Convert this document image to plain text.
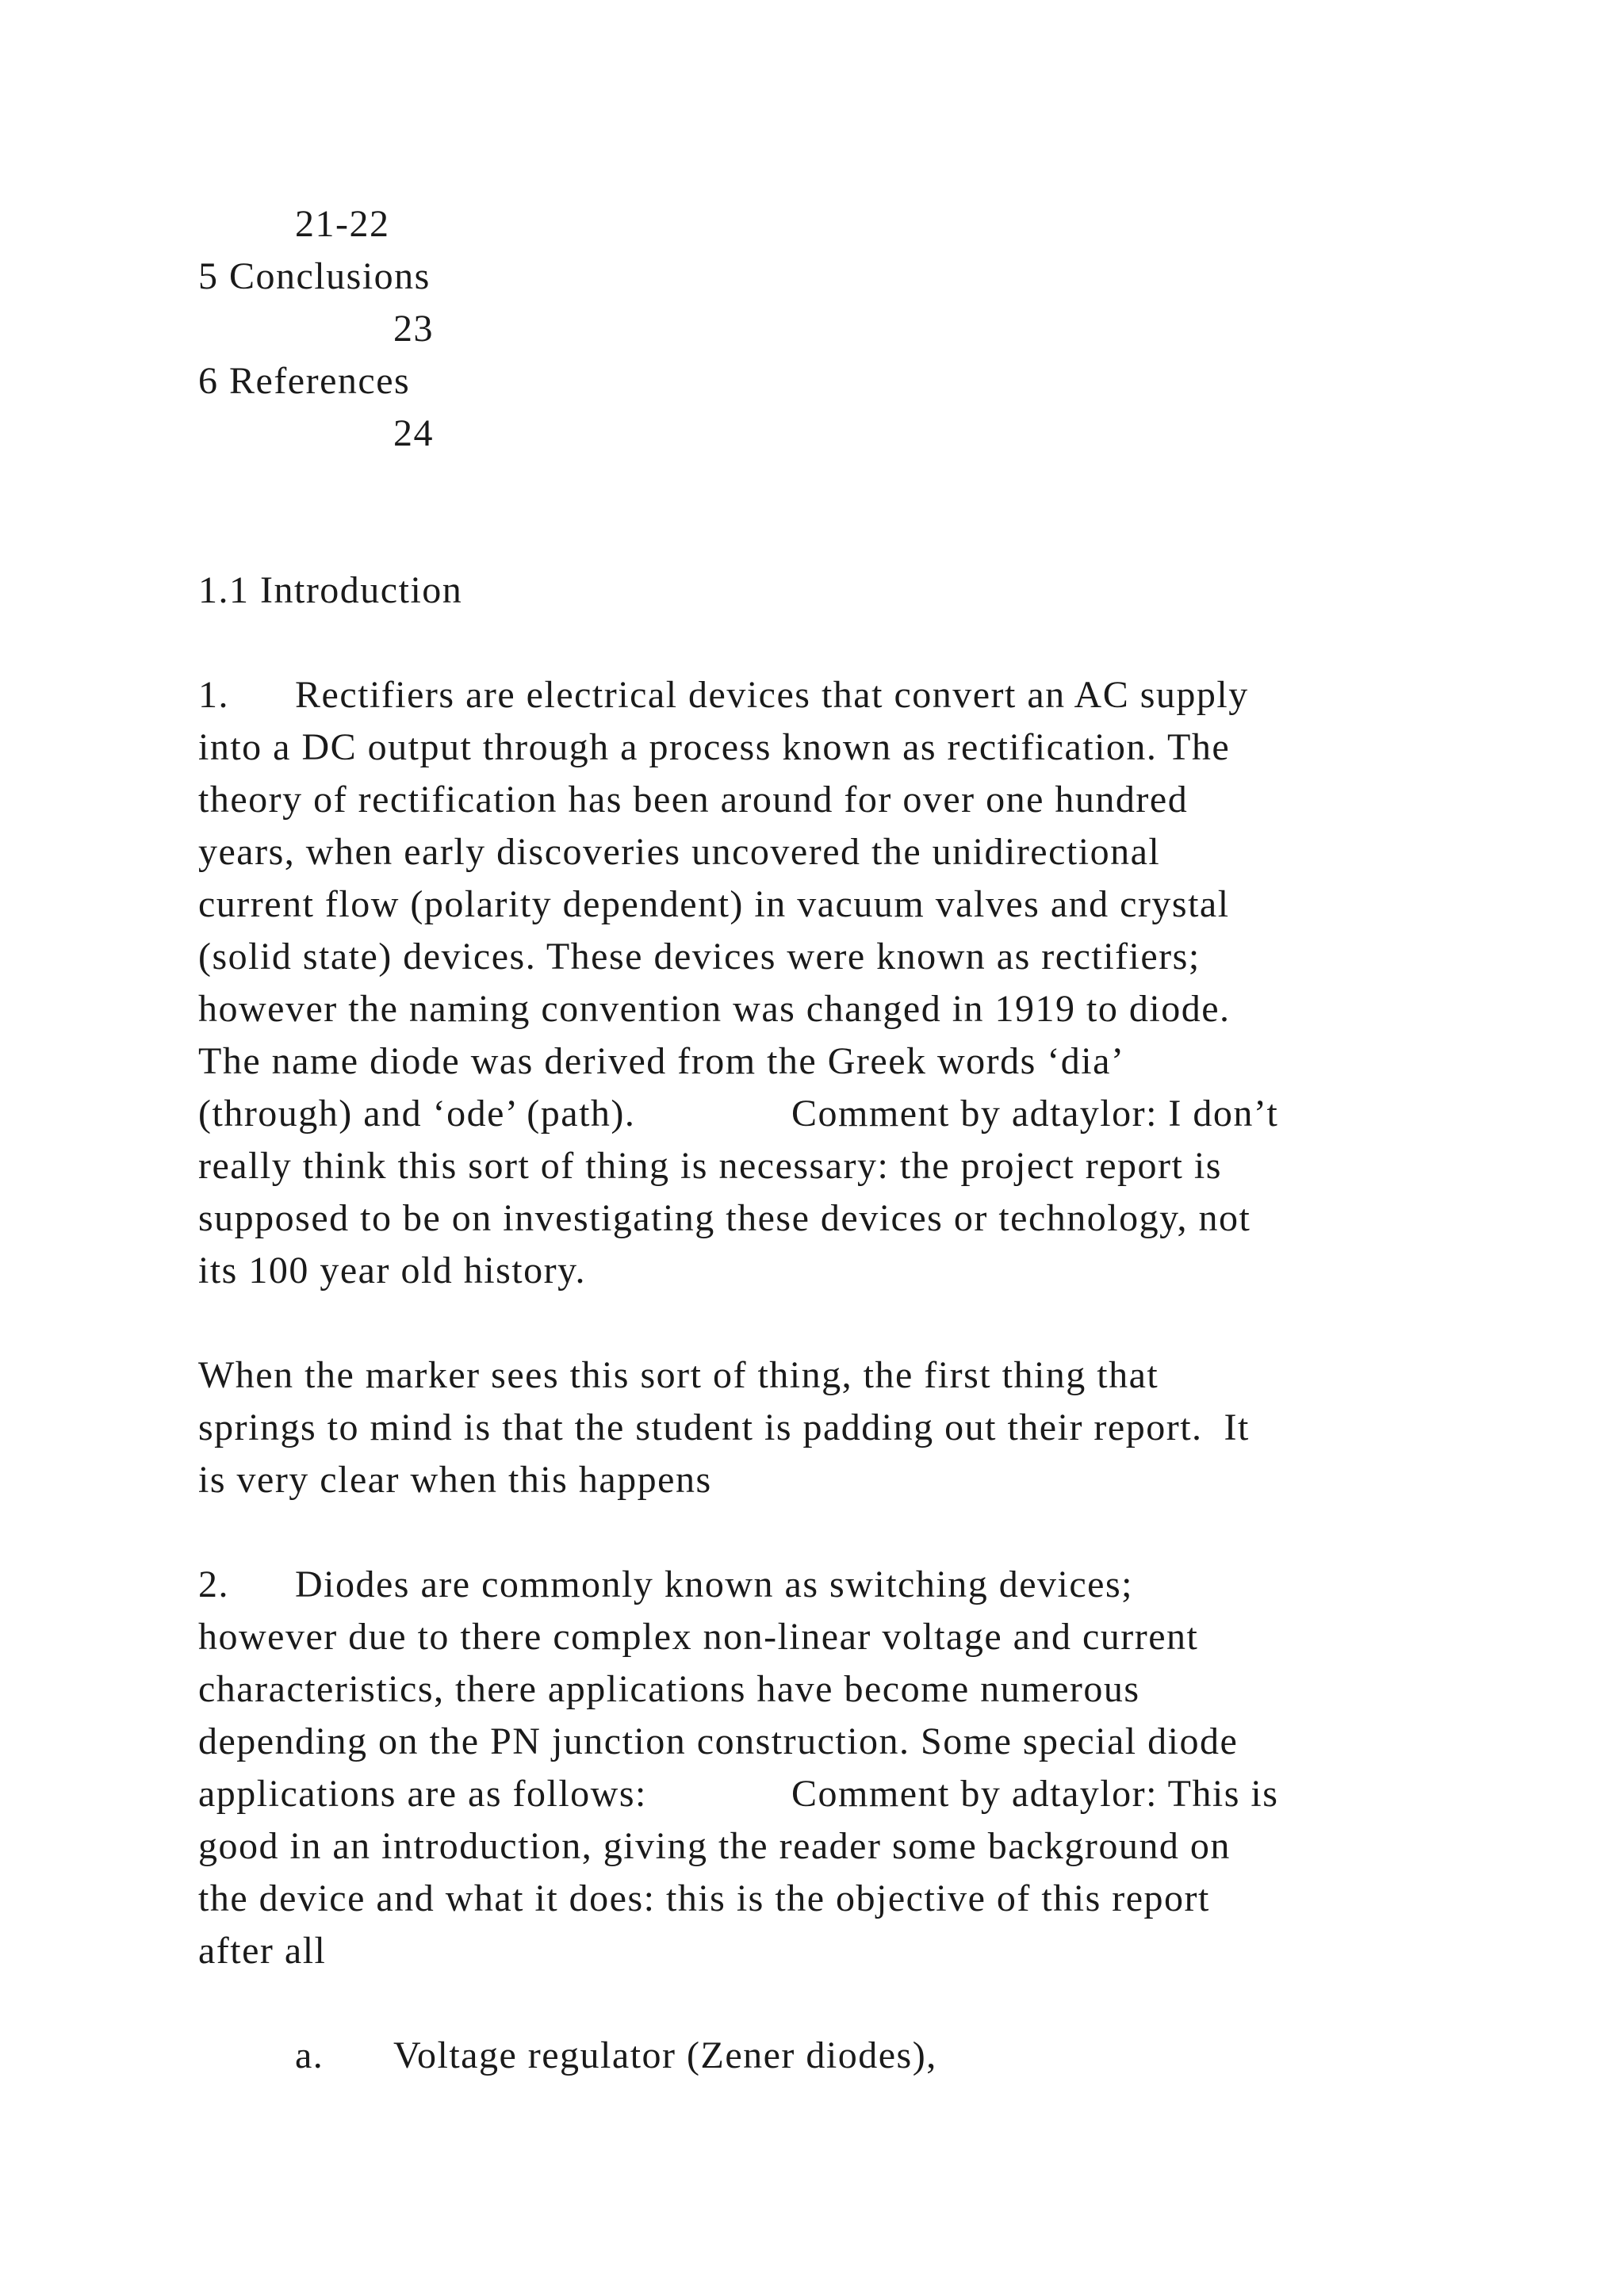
21-22
5 Conclusions
23
6 References
24
1.1 Introduction
1. Rectifiers are electrical devices that convert an AC supply
into a DC output through a process known as rectification. The
theory of rectification has been around for over one hundred
years, when early discoveries uncovered the unidirectional
current flow (polarity dependent) in vacuum valves and crystal
(solid state) devices. These devices were known as rectifiers;
however the naming convention was changed in 1919 to diode.
The name diode was derived from the Greek words ‘dia’
(through) and ‘ode’ (path).	Comment by adtaylor: I don’t
really think this sort of thing is necessary: the project report is
supposed to be on investigating these devices or technology, not
its 100 year old history.
When the marker sees this sort of thing, the first thing that
springs to mind is that the student is padding out their report.  It
is very clear when this happens
2. Diodes are commonly known as switching devices;
however due to there complex non-linear voltage and current
characteristics, there applications have become numerous
depending on the PN junction construction. Some special diode
applications are as follows:	Comment by adtaylor: This is
good in an introduction, giving the reader some background on
the device and what it does: this is the objective of this report
after all
a. Voltage regulator (Zener diodes),
